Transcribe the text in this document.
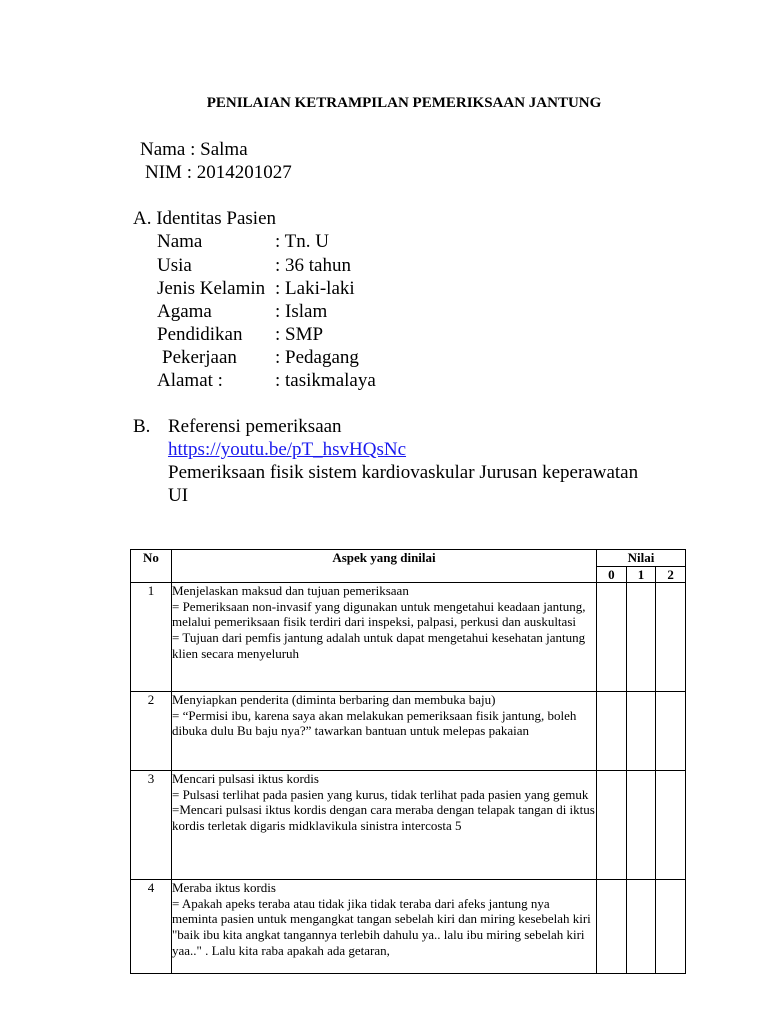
PENILAIAN KETRAMPILAN PEMERIKSAAN JANTUNG
Nama : Salma
NIM : 2014201027
A. Identitas Pasien
Nama	: Tn. U
Usia	: 36 tahun
Jenis Kelamin : Laki-laki
Agama	: Islam
Pendidikan : SMP
Pekerjaan : Pedagang
Alamat :	: tasikmalaya
B. Referensi pemeriksaan
https://youtu.be/pT_hsvHQsNc
Pemeriksaan fisik sistem kardiovaskular Jurusan keperawatan
UI
No	Aspek yang dinilai	Nilai		
		0	1	2
1	Menjelaskan maksud dan tujuan pemeriksaan
= Pemeriksaan non-invasif yang digunakan untuk mengetahui keadaan jantung, melalui pemeriksaan fisik terdiri dari inspeksi, palpasi, perkusi dan auskultasi
= Tujuan dari pemfis jantung adalah untuk dapat mengetahui kesehatan jantung klien secara menyeluruh			

2	Menyiapkan penderita (diminta berbaring dan membuka baju)
= “Permisi ibu, karena saya akan melakukan pemeriksaan fisik jantung, boleh dibuka dulu Bu baju nya?” tawarkan bantuan untuk melepas pakaian			

3	Mencari pulsasi iktus kordis
= Pulsasi terlihat pada pasien yang kurus, tidak terlihat pada pasien yang gemuk
=Mencari pulsasi iktus kordis dengan cara meraba dengan telapak tangan di iktus kordis terletak digaris midklavikula sinistra intercosta 5			

4	Meraba iktus kordis
= Apakah apeks teraba atau tidak jika tidak teraba dari afeks jantung nya meminta pasien untuk mengangkat tangan sebelah kiri dan miring kesebelah kiri "baik ibu kita angkat tangannya terlebih dahulu ya.. lalu ibu miring sebelah kiri yaa.." . Lalu kita raba apakah ada getaran,			
